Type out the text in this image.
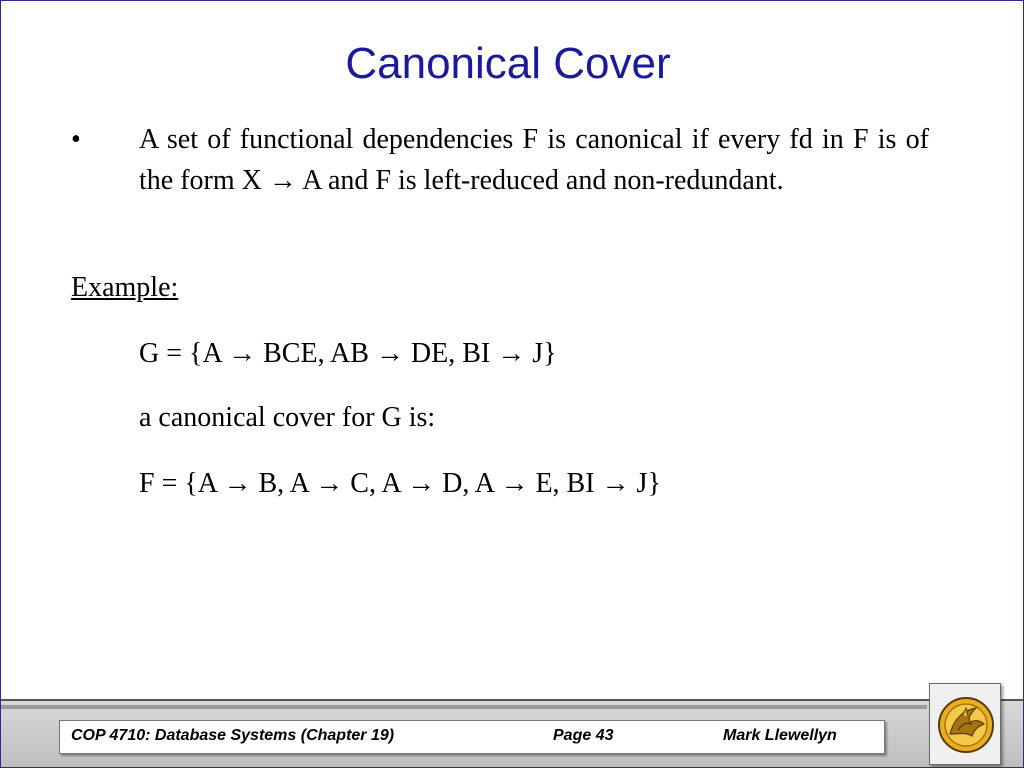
Canonical Cover
• A set of functional dependencies F is canonical if every fd in F is of the form X → A and F is left-reduced and non-redundant.
Example:
G = {A → BCE, AB → DE, BI → J}
a canonical cover for G is:
F = {A → B, A → C, A → D, A → E, BI → J}
COP 4710: Database Systems (Chapter 19)	Page 43	Mark Llewellyn
